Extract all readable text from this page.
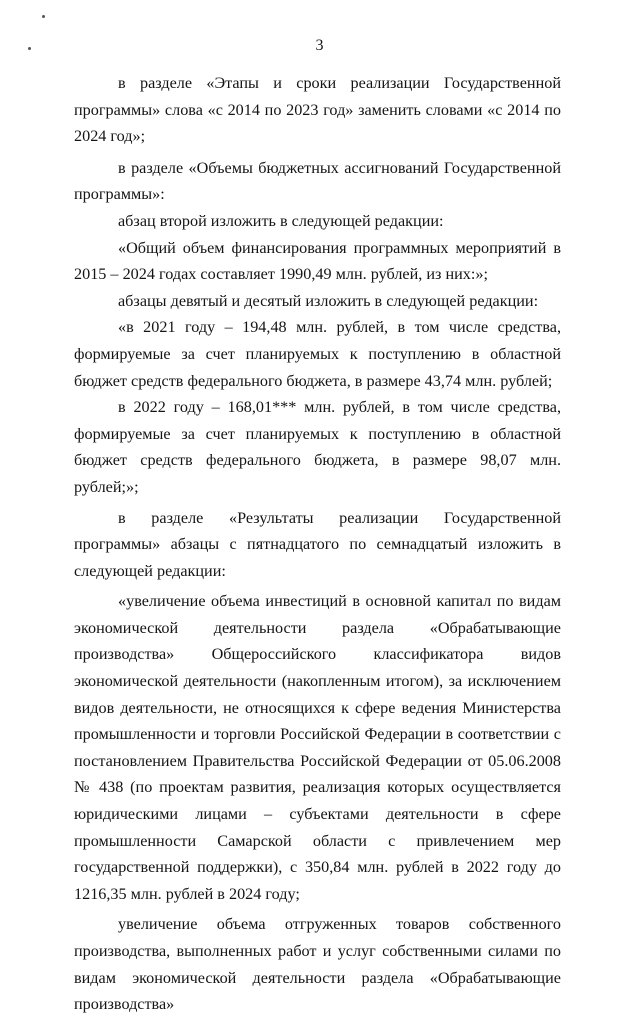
3

в разделе «Этапы и сроки реализации Государственной программы» слова «с 2014 по 2023 год» заменить словами «с 2014 по 2024 год»;

в разделе «Объемы бюджетных ассигнований Государственной программы»:

абзац второй изложить в следующей редакции:

«Общий объем финансирования программных мероприятий в 2015 – 2024 годах составляет 1990,49 млн. рублей, из них:»;

абзацы девятый и десятый изложить в следующей редакции:

«в 2021 году – 194,48 млн. рублей, в том числе средства, формируемые за счет планируемых к поступлению в областной бюджет средств федерального бюджета, в размере 43,74 млн. рублей;

в 2022 году – 168,01*** млн. рублей, в том числе средства, формируемые за счет планируемых к поступлению в областной бюджет средств федерального бюджета, в размере 98,07 млн. рублей;»;

в разделе «Результаты реализации Государственной программы» абзацы с пятнадцатого по семнадцатый изложить в следующей редакции:

«увеличение объема инвестиций в основной капитал по видам экономической деятельности раздела «Обрабатывающие производства» Общероссийского классификатора видов экономической деятельности (накопленным итогом), за исключением видов деятельности, не относящихся к сфере ведения Министерства промышленности и торговли Российской Федерации в соответствии с постановлением Правительства Российской Федерации от 05.06.2008 № 438 (по проектам развития, реализация которых осуществляется юридическими лицами – субъектами деятельности в сфере промышленности Самарской области с привлечением мер государственной поддержки), с 350,84 млн. рублей в 2022 году до 1216,35 млн. рублей в 2024 году;

увеличение объема отгруженных товаров собственного производства, выполненных работ и услуг собственными силами по видам экономической деятельности раздела «Обрабатывающие производства»
